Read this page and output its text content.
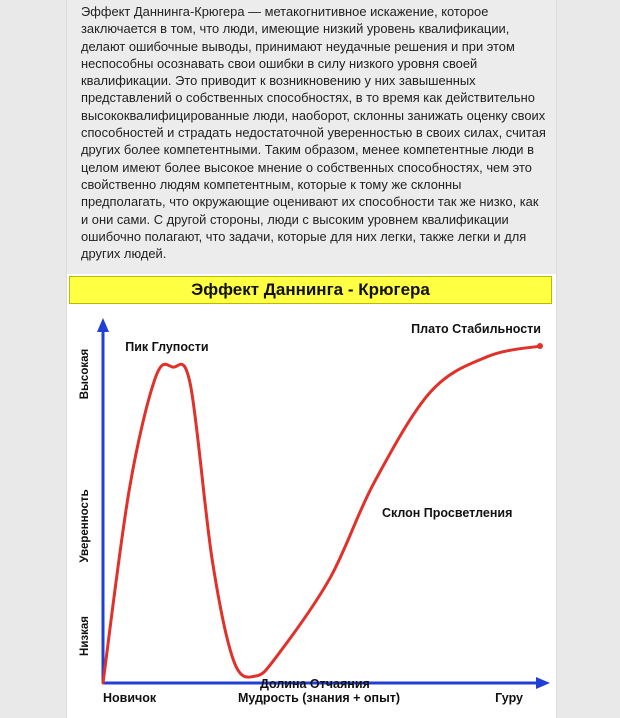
Эффект Даннинга-Крюгера — метакогнитивное искажение, которое заключается в том, что люди, имеющие низкий уровень квалификации, делают ошибочные выводы, принимают неудачные решения и при этом неспособны осознавать свои ошибки в силу низкого уровня своей квалификации. Это приводит к возникновению у них завышенных представлений о собственных способностях, в то время как действительно высококвалифицированные люди, наоборот, склонны занижать оценку своих способностей и страдать недостаточной уверенностью в своих силах, считая других более компетентными. Таким образом, менее компетентные люди в целом имеют более высокое мнение о собственных способностях, чем это свойственно людям компетентным, которые к тому же склонны предполагать, что окружающие оценивают их способности так же низко, как и они сами. С другой стороны, люди с высоким уровнем квалификации ошибочно полагают, что задачи, которые для них легки, также легки и для других людей.

Эффект Даннинга - Крюгера
Низкая
Уверенность
Высокая
Новичок	Мудрость (знания + опыт)	Гуру
Пик Глупости
Плато Стабильности
Склон Просветления
Долина Отчаяния
